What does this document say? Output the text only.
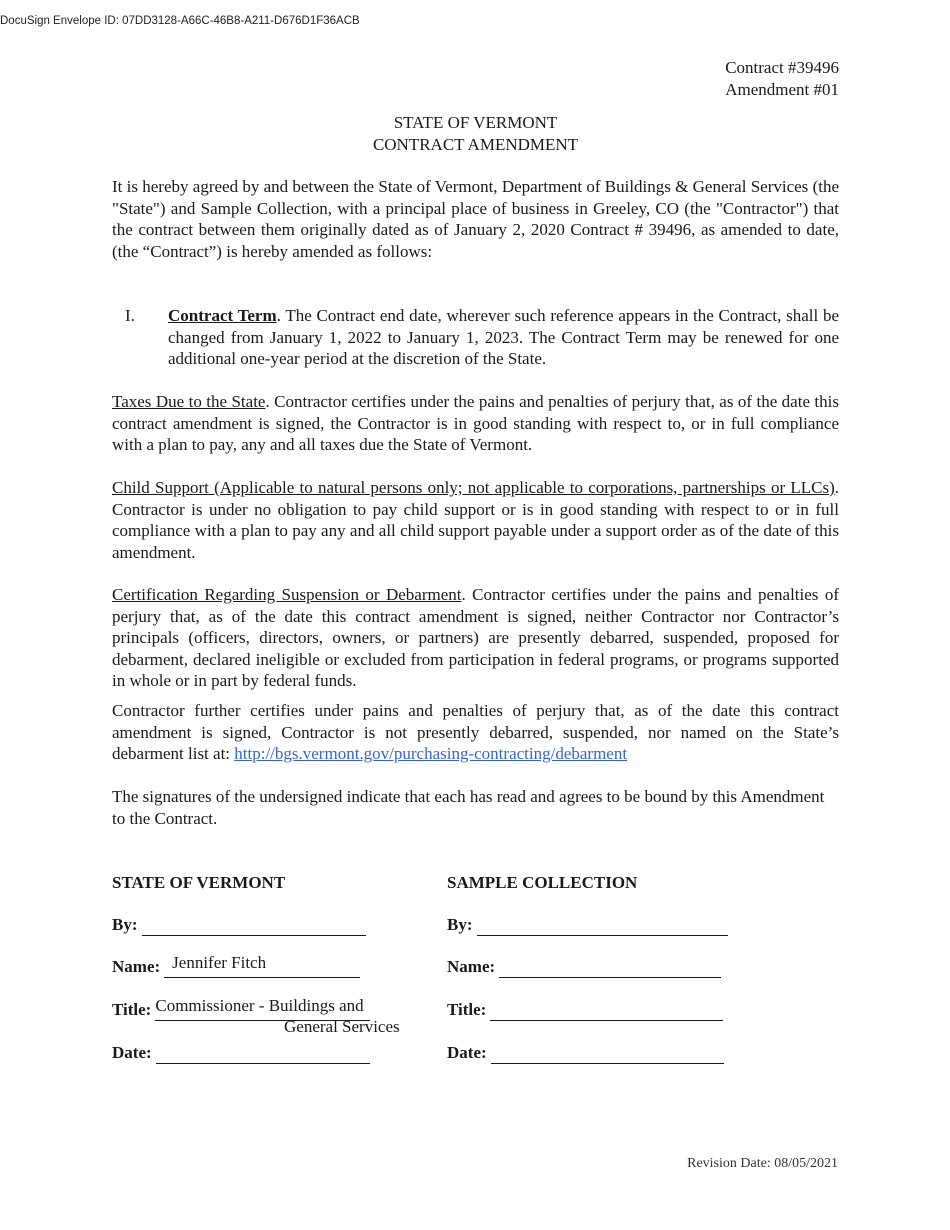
DocuSign Envelope ID: 07DD3128-A66C-46B8-A211-D676D1F36ACB
Contract #39496
Amendment #01
STATE OF VERMONT
CONTRACT AMENDMENT

It is hereby agreed by and between the State of Vermont, Department of Buildings & General Services (the "State") and Sample Collection, with a principal place of business in Greeley, CO (the "Contractor") that the contract between them originally dated as of January 2, 2020 Contract # 39496, as amended to date, (the “Contract”) is hereby amended as follows:

I. Contract Term. The Contract end date, wherever such reference appears in the Contract, shall be changed from January 1, 2022 to January 1, 2023. The Contract Term may be renewed for one additional one-year period at the discretion of the State.

Taxes Due to the State. Contractor certifies under the pains and penalties of perjury that, as of the date this contract amendment is signed, the Contractor is in good standing with respect to, or in full compliance with a plan to pay, any and all taxes due the State of Vermont.

Child Support (Applicable to natural persons only; not applicable to corporations, partnerships or LLCs). Contractor is under no obligation to pay child support or is in good standing with respect to or in full compliance with a plan to pay any and all child support payable under a support order as of the date of this amendment.

Certification Regarding Suspension or Debarment. Contractor certifies under the pains and penalties of perjury that, as of the date this contract amendment is signed, neither Contractor nor Contractor’s principals (officers, directors, owners, or partners) are presently debarred, suspended, proposed for debarment, declared ineligible or excluded from participation in federal programs, or programs supported in whole or in part by federal funds.

Contractor further certifies under pains and penalties of perjury that, as of the date this contract amendment is signed, Contractor is not presently debarred, suspended, nor named on the State’s debarment list at: http://bgs.vermont.gov/purchasing-contracting/debarment

The signatures of the undersigned indicate that each has read and agrees to be bound by this Amendment to the Contract.

STATE OF VERMONT
By:
Name: Jennifer Fitch
Title: Commissioner - Buildings and
General Services
Date:
SAMPLE COLLECTION
By:
Name:
Title:
Date:
Revision Date: 08/05/2021
